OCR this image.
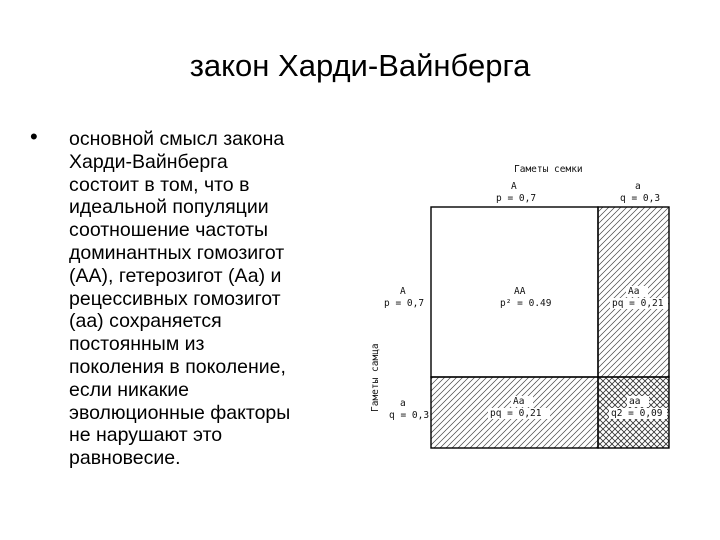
закон Харди-Вайнберга
• основной смысл закона
Харди-Вайнберга
состоит в том, что в
идеальной популяции
соотношение частоты
доминантных гомозигот
(АА), гетерозигот (Аа) и
рецессивных гомозигот
(аа) сохраняется
постоянным из
поколения в поколение,
если никакие
эволюционные факторы
не нарушают это
равновесие.
Гаметы семки
A
p = 0,7
a
q = 0,3
Гаметы самца
A
p = 0,7
a
q = 0,3
AA
p² = 0.49
Aa
pq = 0,21
Aa
pq = 0,21
aa
q2 = 0,09
